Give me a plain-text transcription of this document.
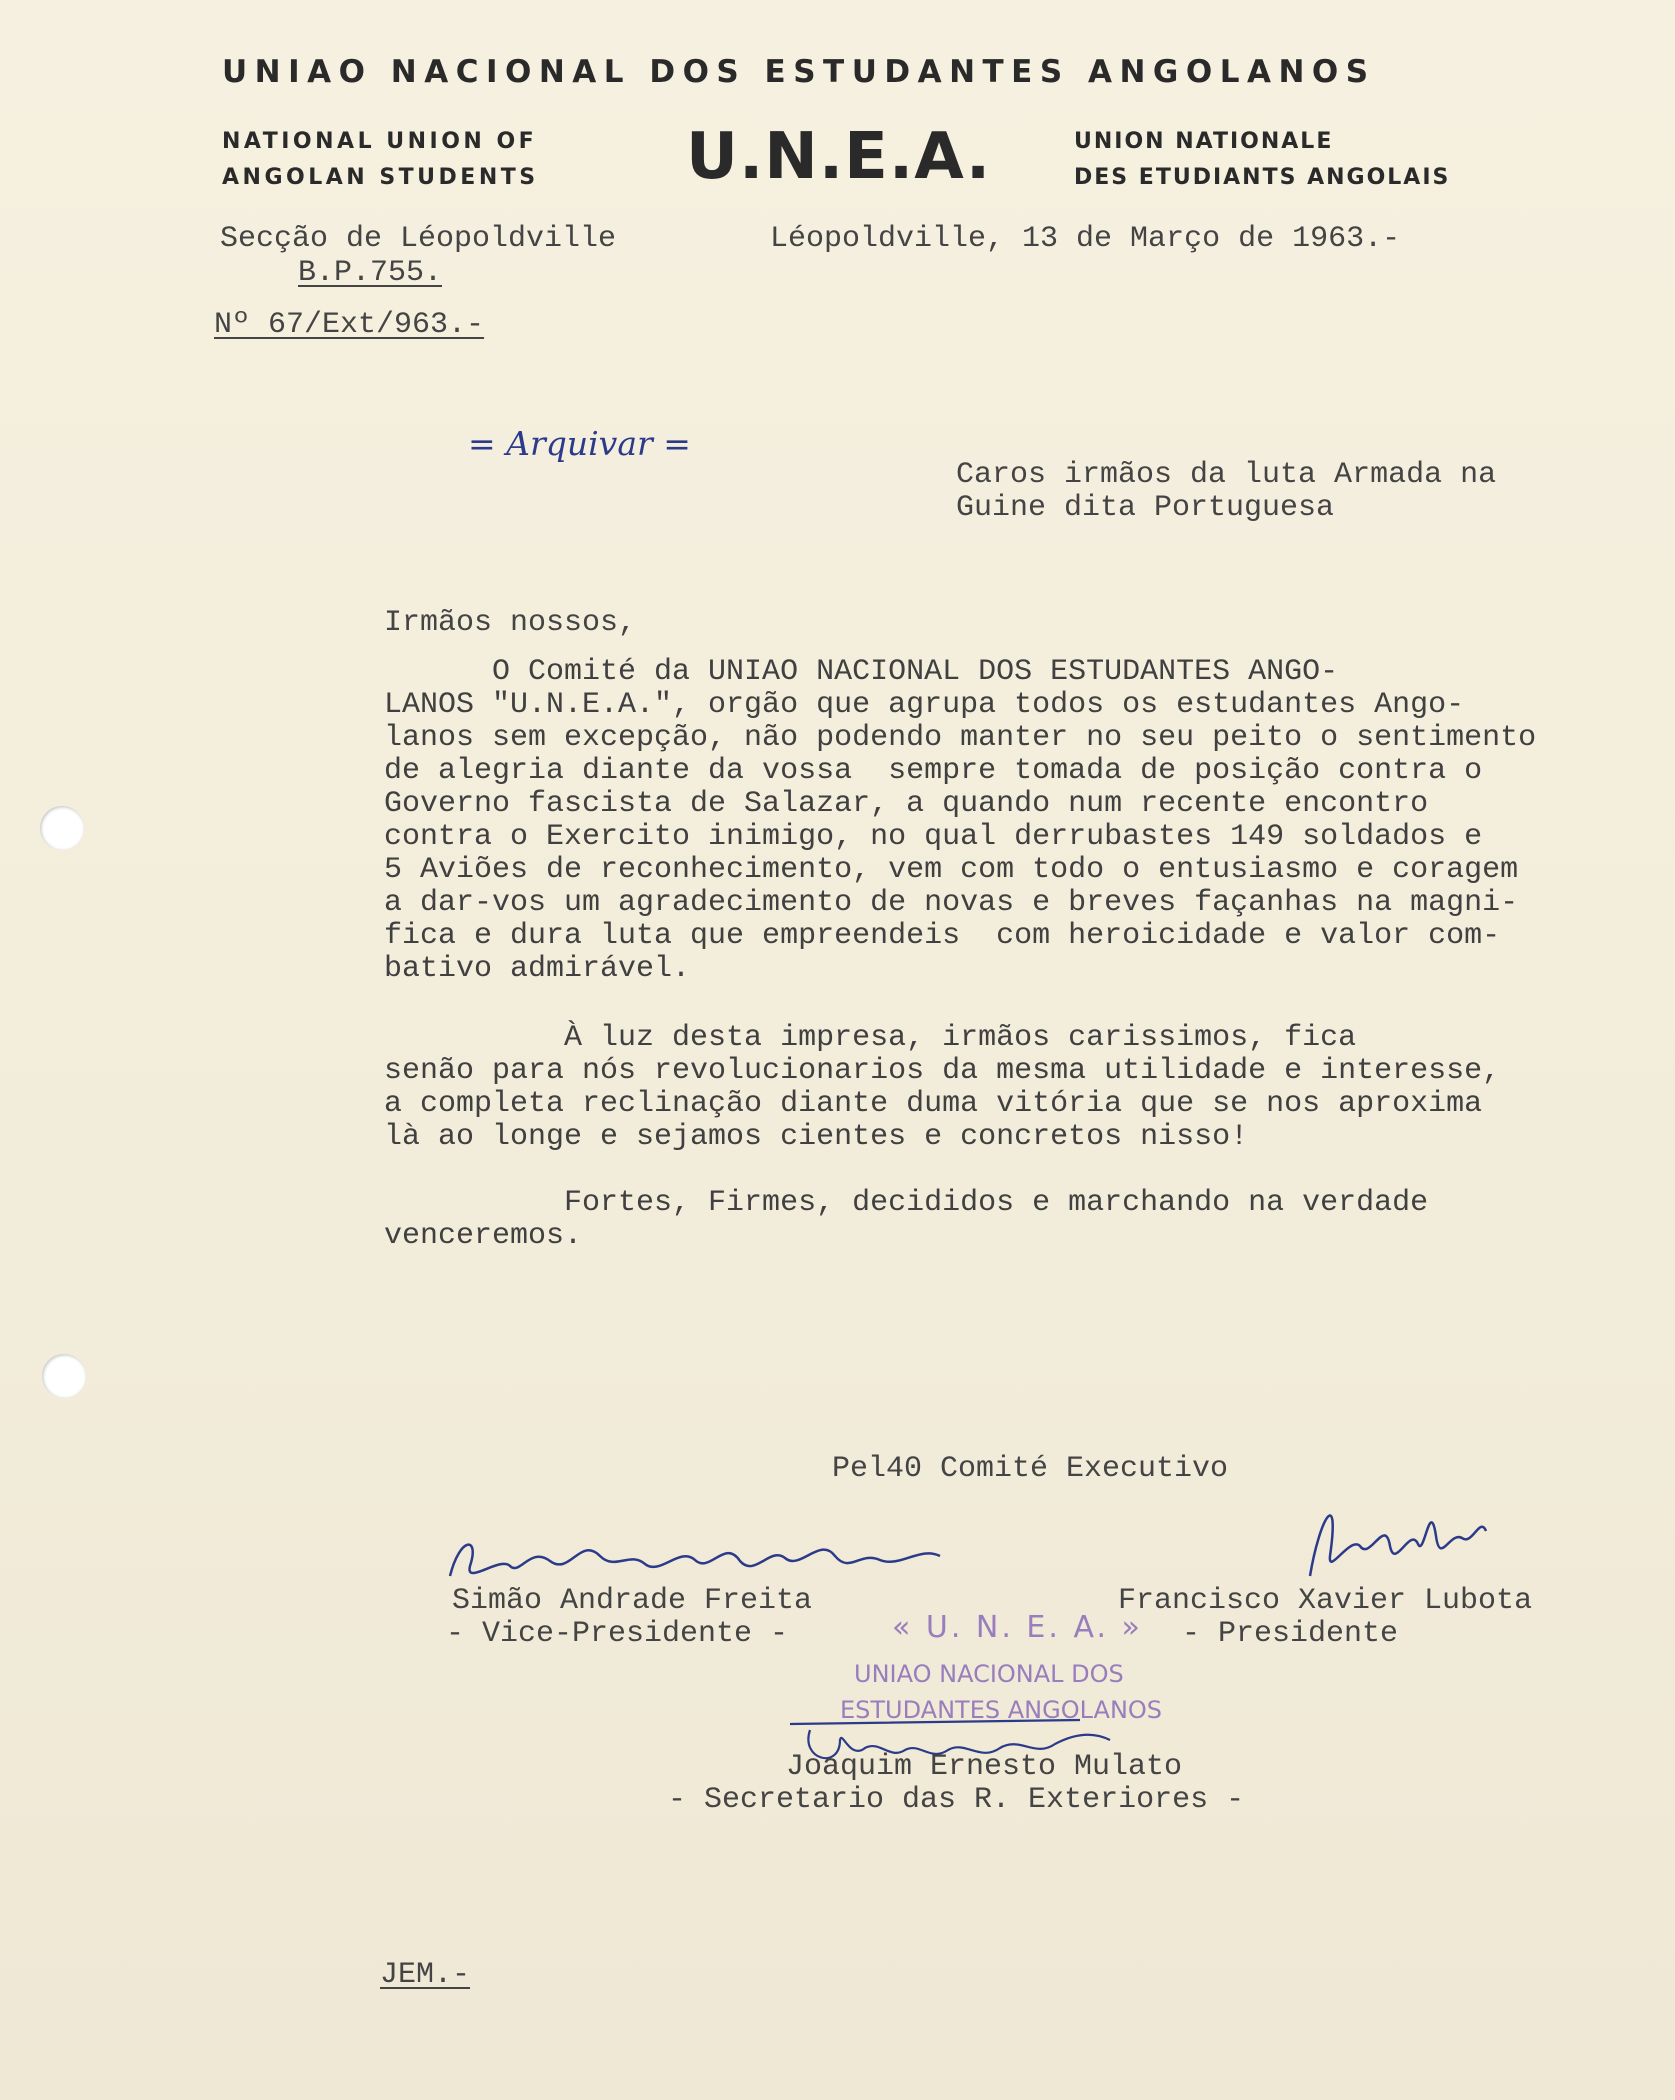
UNIAO NACIONAL DOS ESTUDANTES ANGOLANOS
NATIONAL UNION OF
ANGOLAN STUDENTS U.N.E.A.	UNION NATIONALE
DES ETUDIANTS ANGOLAIS
Secção de Léopoldville
B.P.755.
Nº 67/Ext/963.-
Léopoldville, 13 de Março de 1963.-
= Arquivar =
Caros irmãos da luta Armada na
Guine dita Portuguesa
Irmãos nossos,
O Comité da UNIAO NACIONAL DOS ESTUDANTES ANGO-
LANOS "U.N.E.A.", orgão que agrupa todos os estudantes Ango-
lanos sem excepção, não podendo manter no seu peito o sentimento
de alegria diante da vossa  sempre tomada de posição contra o
Governo fascista de Salazar, a quando num recente encontro
contra o Exercito inimigo, no qual derrubastes 149 soldados e
5 Aviões de reconhecimento, vem com todo o entusiasmo e coragem
a dar-vos um agradecimento de novas e breves façanhas na magni-
fica e dura luta que empreendeis  com heroicidade e valor com-
bativo admirável.
À luz desta impresa, irmãos carissimos, fica
senão para nós revolucionarios da mesma utilidade e interesse,
a completa reclinação diante duma vitória que se nos aproxima
là ao longe e sejamos cientes e concretos nisso!
Fortes, Firmes, decididos e marchando na verdade
venceremos.
Pel40 Comité Executivo
« U. N. E. A. »
UNIAO NACIONAL DOS
ESTUDANTES ANGOLANOS
Simão Andrade Freita
- Vice-Presidente -
Francisco Xavier Lubota
- Presidente
Joaquim Ernesto Mulato
- Secretario das R. Exteriores -
JEM.-
